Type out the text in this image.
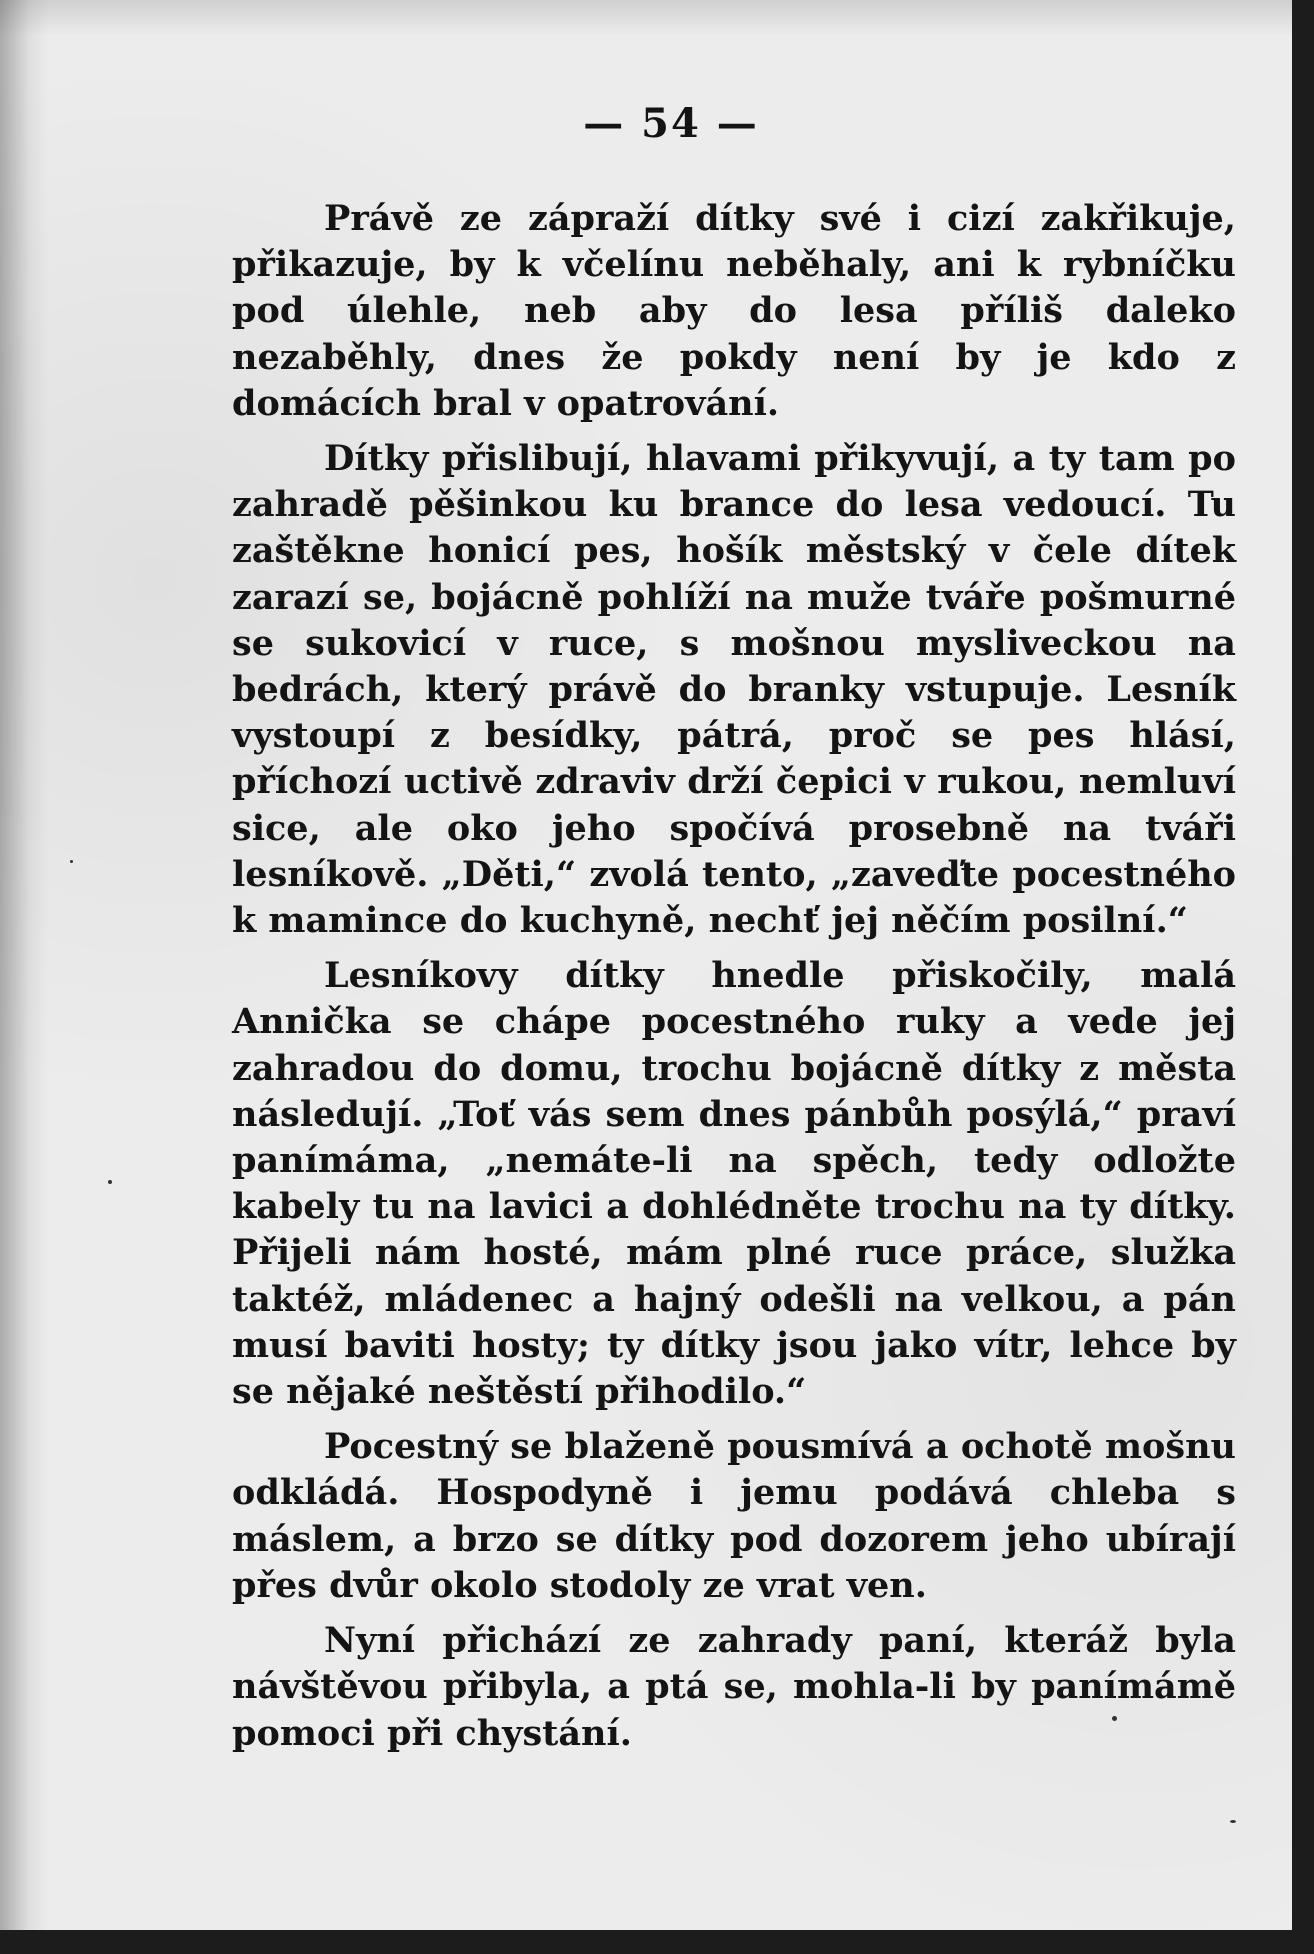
— 54 —

Právě ze zápraží dítky své i cizí zakřikuje, přikazuje, by k včelínu neběhaly, ani k rybníčku pod úlehle, neb aby do lesa příliš daleko nezaběhly, dnes že pokdy není by je kdo z domácích bral v opatrování.

Dítky přislibují, hlavami přikyvují, a ty tam po zahradě pěšinkou ku brance do lesa vedoucí. Tu zaštěkne honicí pes, hošík městský v čele dítek zarazí se, bojácně pohlíží na muže tváře pošmurné se sukovicí v ruce, s mošnou mysliveckou na bedrách, který právě do branky vstupuje. Lesník vystoupí z besídky, pátrá, proč se pes hlásí, příchozí uctivě zdraviv drží čepici v rukou, nemluví sice, ale oko jeho spočívá prosebně na tváři lesníkově. „Děti,“ zvolá tento, „zaveďte pocestného k mamince do kuchyně, nechť jej něčím posilní.“

Lesníkovy dítky hnedle přiskočily, malá Annička se chápe pocestného ruky a vede jej zahradou do domu, trochu bojácně dítky z města následují. „Toť vás sem dnes pánbůh posýlá,“ praví panímáma, „nemáte-li na spěch, tedy odložte kabely tu na lavici a dohlédněte trochu na ty dítky. Přijeli nám hosté, mám plné ruce práce, služka taktéž, mládenec a hajný odešli na velkou, a pán musí baviti hosty; ty dítky jsou jako vítr, lehce by se nějaké neštěstí přihodilo.“

Pocestný se blaženě pousmívá a ochotě mošnu odkládá. Hospodyně i jemu podává chleba s máslem, a brzo se dítky pod dozorem jeho ubírají přes dvůr okolo stodoly ze vrat ven.

Nyní přichází ze zahrady paní, kteráž byla návštěvou přibyla, a ptá se, mohla-li by panímámě pomoci při chystání.
